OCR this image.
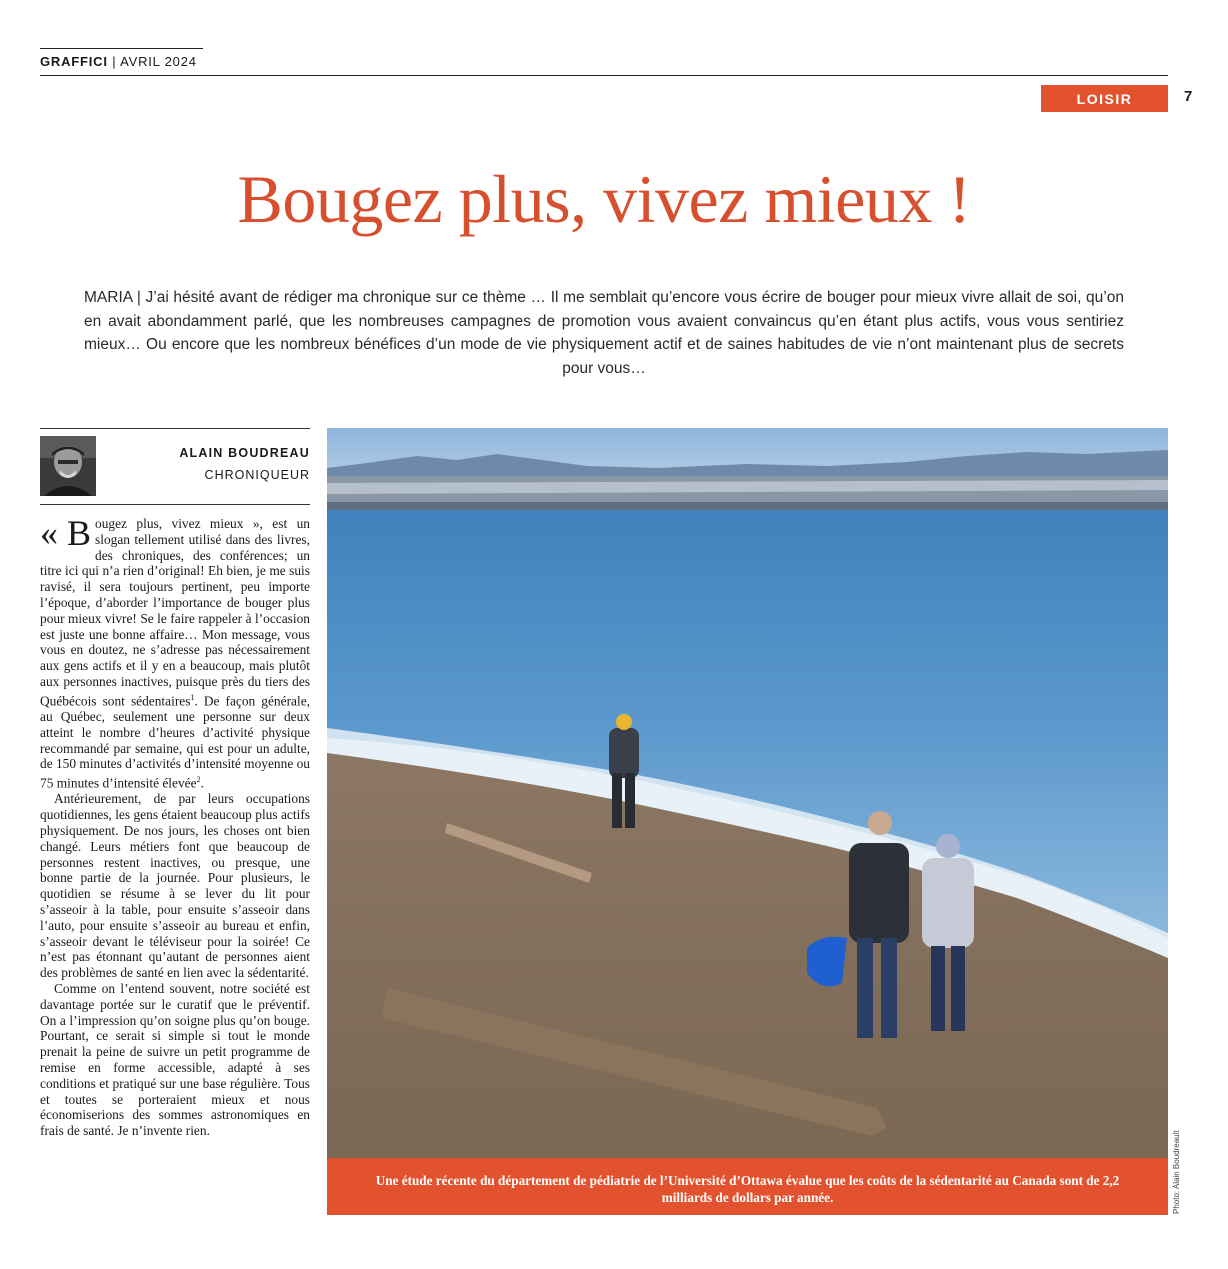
GRAFFICI | AVRIL 2024
LOISIR	7
Bougez plus, vivez mieux !
MARIA | J’ai hésité avant de rédiger ma chronique sur ce thème … Il me semblait qu’encore vous écrire de bouger pour mieux vivre allait de soi, qu’on en avait abondamment parlé, que les nombreuses campagnes de promotion vous avaient convaincus qu’en étant plus actifs, vous vous sentiriez mieux… Ou encore que les nombreux bénéfices d’un mode de vie physiquement actif et de saines habitudes de vie n’ont maintenant plus de secrets pour vous…
ALAIN BOUDREAU
CHRONIQUEUR

« B ougez plus, vivez mieux », est un slogan tellement utilisé dans des livres, des chroniques, des conférences; un titre ici qui n’a rien d’original! Eh bien, je me suis ravisé, il sera toujours pertinent, peu importe l’époque, d’aborder l’importance de bouger plus pour mieux vivre! Se le faire rappeler à l’occasion est juste une bonne affaire… Mon message, vous vous en doutez, ne s’adresse pas nécessairement aux gens actifs et il y en a beaucoup, mais plutôt aux personnes inactives, puisque près du tiers des Québécois sont sédentaires$^1$. De façon générale, au Québec, seulement une personne sur deux atteint le nombre d’heures d’activité physique recommandé par semaine, qui est pour un adulte, de 150 minutes d’activités d’intensité moyenne ou 75 minutes d’intensité élevée$^2$.

Antérieurement, de par leurs occupations quotidiennes, les gens étaient beaucoup plus actifs physiquement. De nos jours, les choses ont bien changé. Leurs métiers font que beaucoup de personnes restent inactives, ou presque, une bonne partie de la journée. Pour plusieurs, le quotidien se résume à se lever du lit pour s’asseoir à la table, pour ensuite s’asseoir dans l’auto, pour ensuite s’asseoir au bureau et enfin, s’asseoir devant le téléviseur pour la soirée! Ce n’est pas étonnant qu’autant de personnes aient des problèmes de santé en lien avec la sédentarité.

Comme on l’entend souvent, notre société est davantage portée sur le curatif que le préventif. On a l’impression qu’on soigne plus qu’on bouge. Pourtant, ce serait si simple si tout le monde prenait la peine de suivre un petit programme de remise en forme accessible, adapté à ses conditions et pratiqué sur une base régulière. Tous et toutes se porteraient mieux et nous économiserions des sommes astronomiques en frais de santé. Je n’invente rien.

Une étude récente du département de pédiatrie de l’Université d’Ottawa évalue que les coûts de la sédentarité au Canada sont de 2,2 milliards de dollars par année.	Photo: Alain Boudreault
